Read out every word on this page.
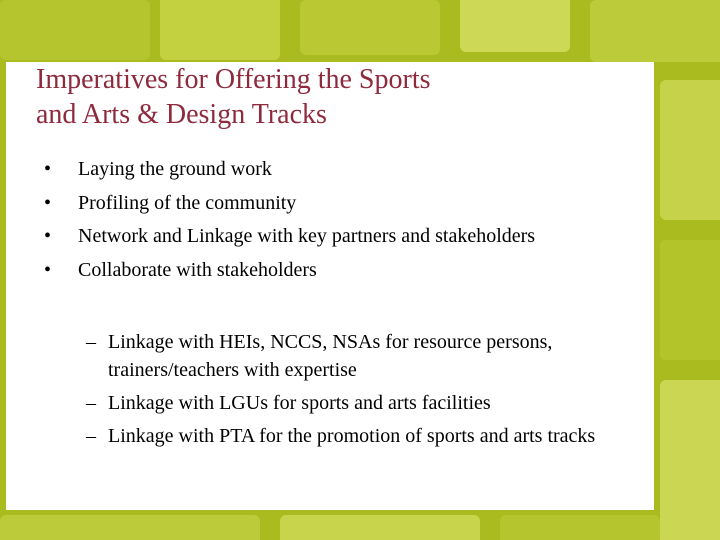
Imperatives for Offering the Sports
and Arts & Design Tracks
• Laying the ground work
• Profiling of the community
• Network and Linkage with key partners and stakeholders
• Collaborate with stakeholders
– Linkage with HEIs, NCCS, NSAs for resource persons, trainers/teachers with expertise
– Linkage with LGUs for sports and arts facilities
– Linkage with PTA for the promotion of sports and arts tracks
